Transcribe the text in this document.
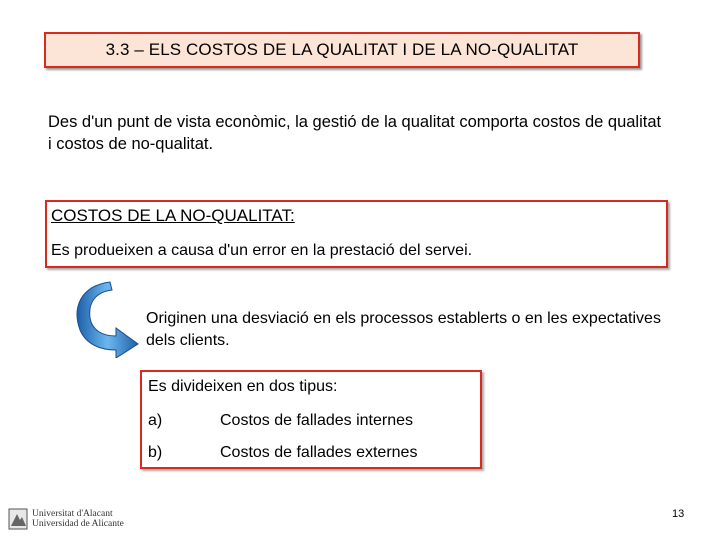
3.3 – ELS COSTOS DE LA QUALITAT I DE LA NO-QUALITAT
Des d'un punt de vista econòmic, la gestió de la qualitat comporta costos de qualitat i costos de no-qualitat.
COSTOS DE LA NO-QUALITAT:
Es produeixen a causa d'un error en la prestació del servei.
Originen una desviació en els processos establerts o en les expectatives dels clients.
Es divideixen en dos tipus:
a)	Costos de fallades internes
b)	Costos de fallades externes
Universitat d'Alacant
Universidad de Alicante
13
